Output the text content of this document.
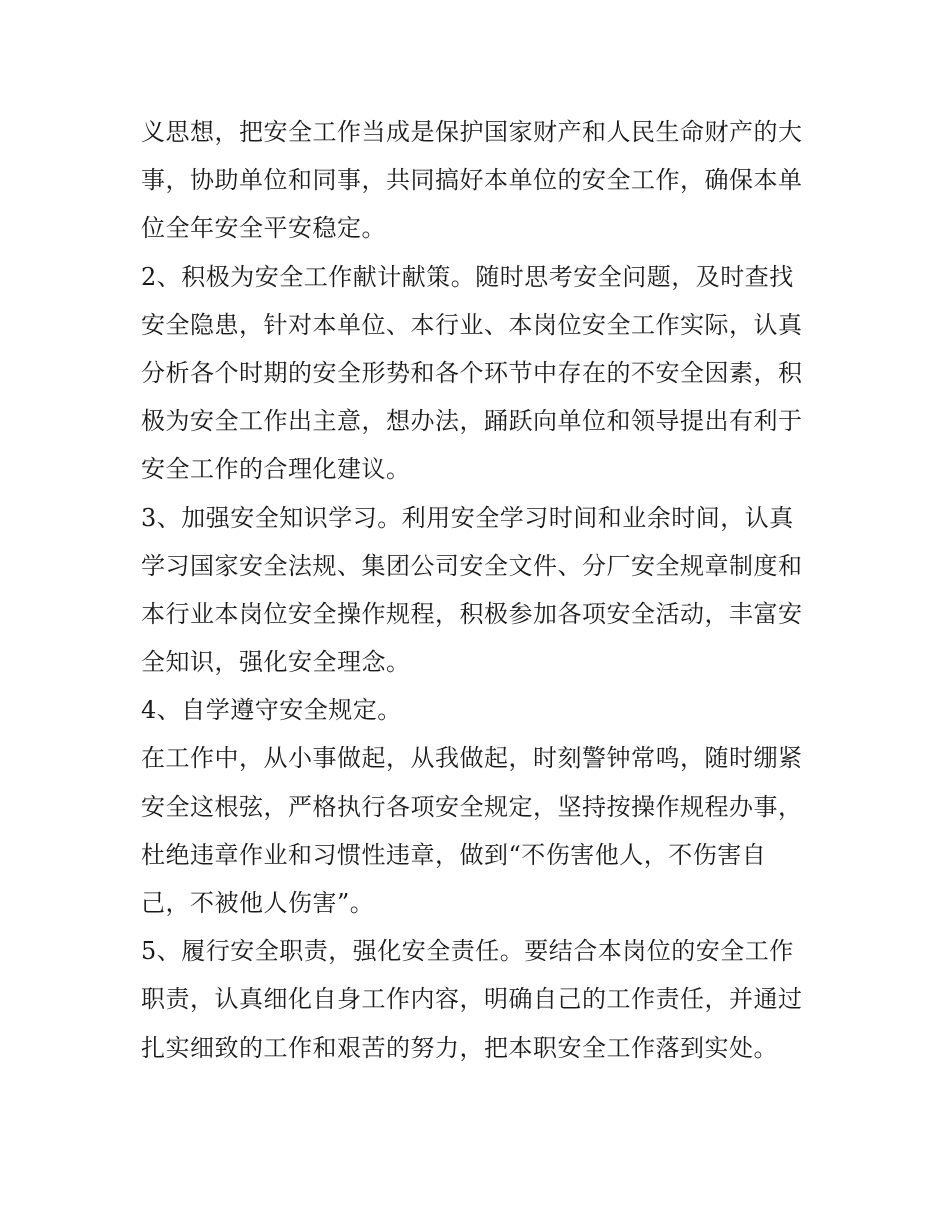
义思想，把安全工作当成是保护国家财产和人民生命财产的大
事，协助单位和同事，共同搞好本单位的安全工作，确保本单
位全年安全平安稳定。
2、积极为安全工作献计献策。随时思考安全问题，及时查找
安全隐患，针对本单位、本行业、本岗位安全工作实际，认真
分析各个时期的安全形势和各个环节中存在的不安全因素，积
极为安全工作出主意，想办法，踊跃向单位和领导提出有利于
安全工作的合理化建议。
3、加强安全知识学习。利用安全学习时间和业余时间，认真
学习国家安全法规、集团公司安全文件、分厂安全规章制度和
本行业本岗位安全操作规程，积极参加各项安全活动，丰富安
全知识，强化安全理念。
4、自学遵守安全规定。
在工作中，从小事做起，从我做起，时刻警钟常鸣，随时绷紧
安全这根弦，严格执行各项安全规定，坚持按操作规程办事，
杜绝违章作业和习惯性违章，做到“不伤害他人，不伤害自
己，不被他人伤害”。
5、履行安全职责，强化安全责任。要结合本岗位的安全工作
职责，认真细化自身工作内容，明确自己的工作责任，并通过
扎实细致的工作和艰苦的努力，把本职安全工作落到实处。
